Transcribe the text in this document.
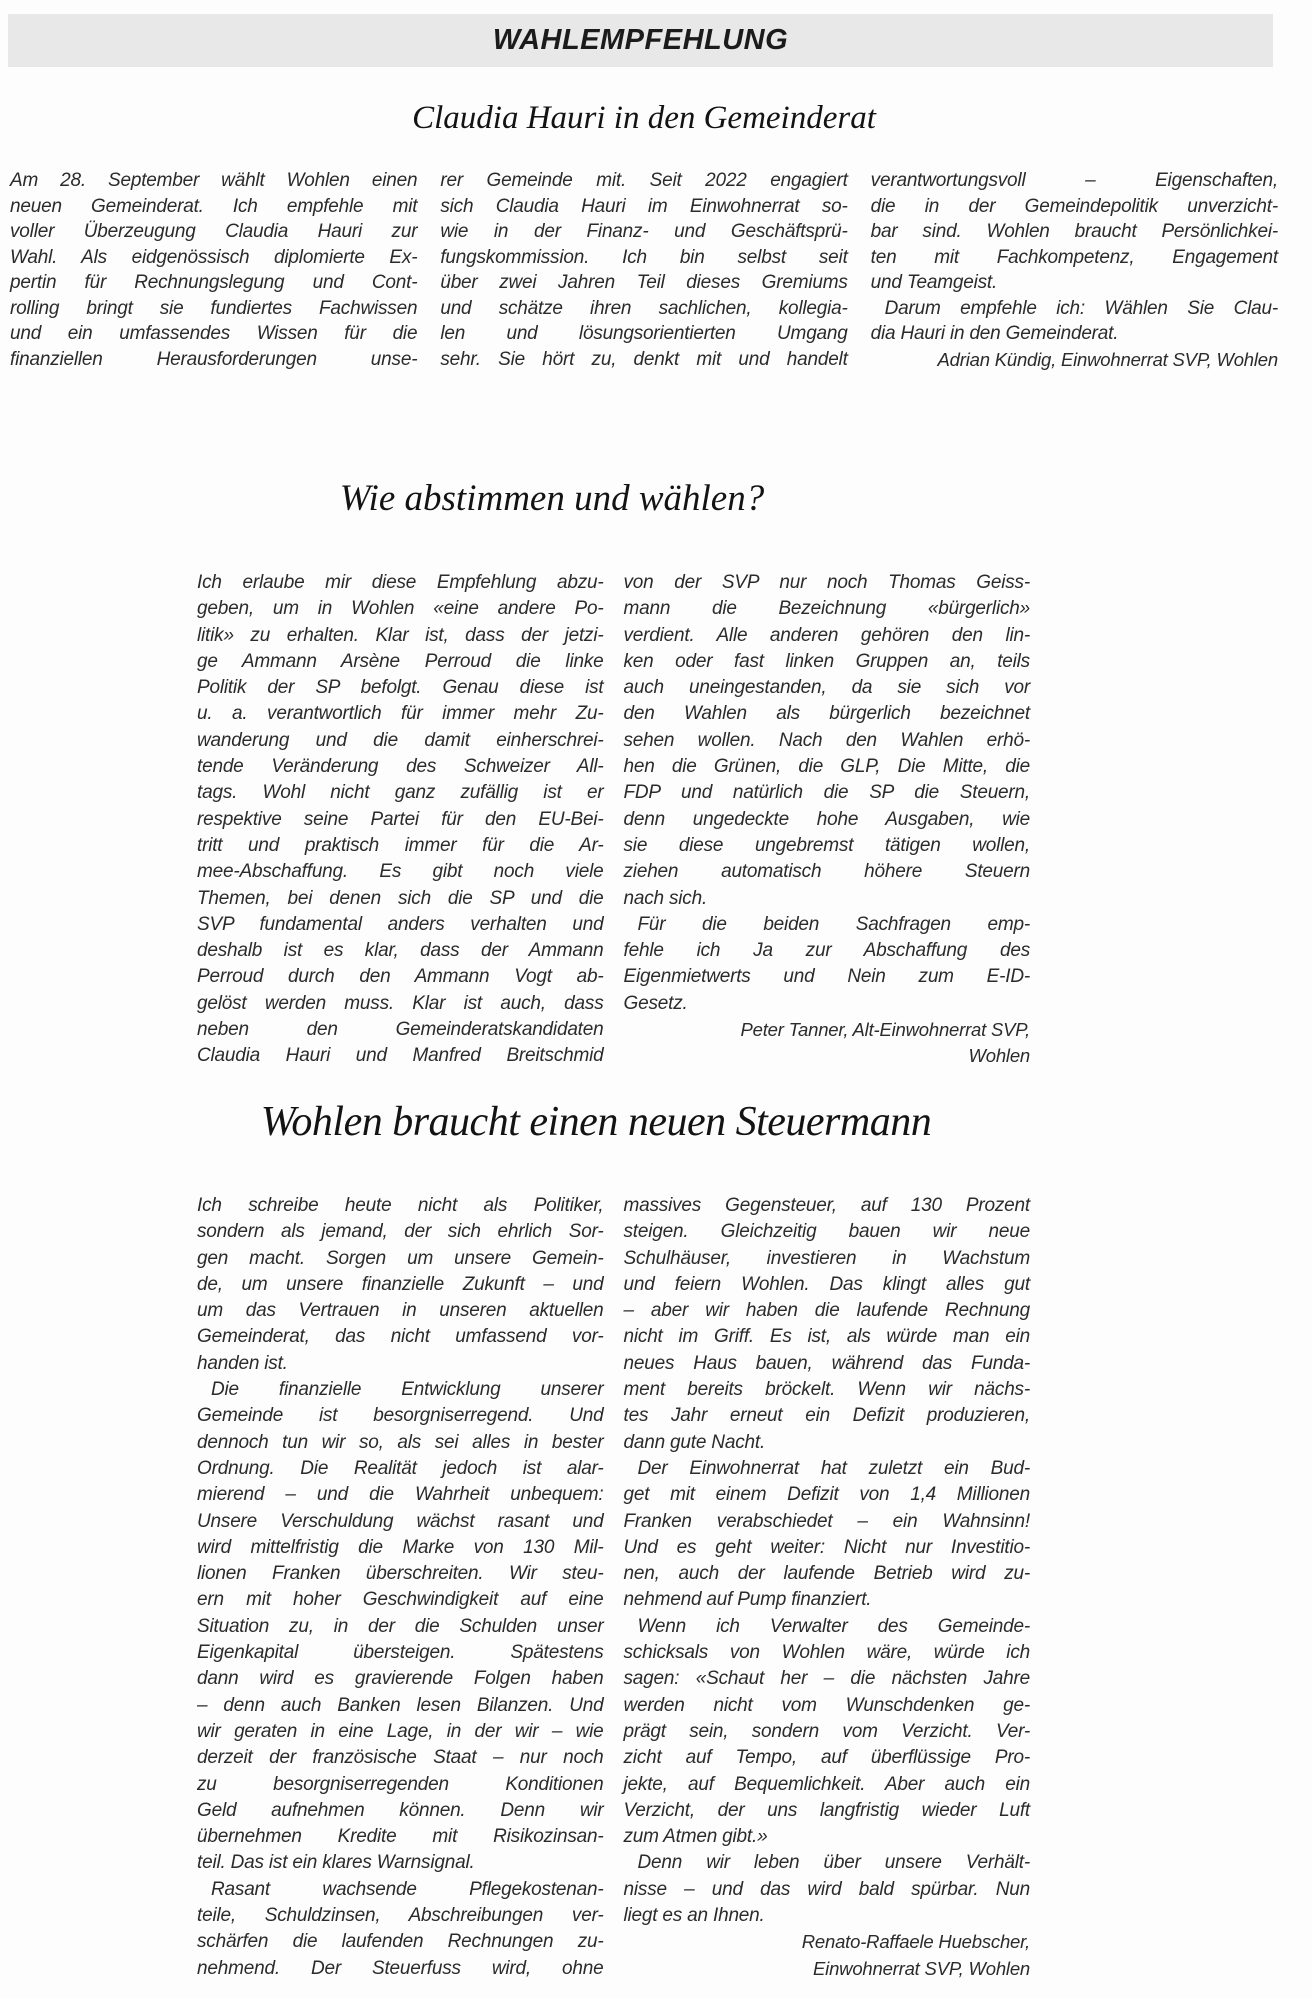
WAHLEMPFEHLUNG
Claudia Hauri in den Gemeinderat
Am 28. September wählt Wohlen einen
neuen Gemeinderat. Ich empfehle mit
voller Überzeugung Claudia Hauri zur
Wahl. Als eidgenössisch diplomierte Ex-
pertin für Rechnungslegung und Cont-
rolling bringt sie fundiertes Fachwissen
und ein umfassendes Wissen für die
finanziellen Herausforderungen unse-
rer Gemeinde mit. Seit 2022 engagiert
sich Claudia Hauri im Einwohnerrat so-
wie in der Finanz- und Geschäftsprü-
fungskommission. Ich bin selbst seit
über zwei Jahren Teil dieses Gremiums
und schätze ihren sachlichen, kollegia-
len und lösungsorientierten Umgang
sehr. Sie hört zu, denkt mit und handelt
verantwortungsvoll – Eigenschaften,
die in der Gemeindepolitik unverzicht-
bar sind. Wohlen braucht Persönlichkei-
ten mit Fachkompetenz, Engagement
und Teamgeist.
Darum empfehle ich: Wählen Sie Clau-
dia Hauri in den Gemeinderat.
Adrian Kündig, Einwohnerrat SVP, Wohlen
Wie abstimmen und wählen?
Ich erlaube mir diese Empfehlung abzu-
geben, um in Wohlen «eine andere Po-
litik» zu erhalten. Klar ist, dass der jetzi-
ge Ammann Arsène Perroud die linke
Politik der SP befolgt. Genau diese ist
u. a. verantwortlich für immer mehr Zu-
wanderung und die damit einherschrei-
tende Veränderung des Schweizer All-
tags. Wohl nicht ganz zufällig ist er
respektive seine Partei für den EU-Bei-
tritt und praktisch immer für die Ar-
mee-Abschaffung. Es gibt noch viele
Themen, bei denen sich die SP und die
SVP fundamental anders verhalten und
deshalb ist es klar, dass der Ammann
Perroud durch den Ammann Vogt ab-
gelöst werden muss. Klar ist auch, dass
neben den Gemeinderatskandidaten
Claudia Hauri und Manfred Breitschmid
von der SVP nur noch Thomas Geiss-
mann die Bezeichnung «bürgerlich»
verdient. Alle anderen gehören den lin-
ken oder fast linken Gruppen an, teils
auch uneingestanden, da sie sich vor
den Wahlen als bürgerlich bezeichnet
sehen wollen. Nach den Wahlen erhö-
hen die Grünen, die GLP, Die Mitte, die
FDP und natürlich die SP die Steuern,
denn ungedeckte hohe Ausgaben, wie
sie diese ungebremst tätigen wollen,
ziehen automatisch höhere Steuern
nach sich.
Für die beiden Sachfragen emp-
fehle ich Ja zur Abschaffung des
Eigenmietwerts und Nein zum E-ID-
Gesetz.
Peter Tanner, Alt-Einwohnerrat SVP,
Wohlen
Wohlen braucht einen neuen Steuermann
Ich schreibe heute nicht als Politiker,
sondern als jemand, der sich ehrlich Sor-
gen macht. Sorgen um unsere Gemein-
de, um unsere finanzielle Zukunft – und
um das Vertrauen in unseren aktuellen
Gemeinderat, das nicht umfassend vor-
handen ist.
Die finanzielle Entwicklung unserer
Gemeinde ist besorgniserregend. Und
dennoch tun wir so, als sei alles in bester
Ordnung. Die Realität jedoch ist alar-
mierend – und die Wahrheit unbequem:
Unsere Verschuldung wächst rasant und
wird mittelfristig die Marke von 130 Mil-
lionen Franken überschreiten. Wir steu-
ern mit hoher Geschwindigkeit auf eine
Situation zu, in der die Schulden unser
Eigenkapital übersteigen. Spätestens
dann wird es gravierende Folgen haben
– denn auch Banken lesen Bilanzen. Und
wir geraten in eine Lage, in der wir – wie
derzeit der französische Staat – nur noch
zu besorgniserregenden Konditionen
Geld aufnehmen können. Denn wir
übernehmen Kredite mit Risikozinsan-
teil. Das ist ein klares Warnsignal.
Rasant wachsende Pflegekostenan-
teile, Schuldzinsen, Abschreibungen ver-
schärfen die laufenden Rechnungen zu-
nehmend. Der Steuerfuss wird, ohne
massives Gegensteuer, auf 130 Prozent
steigen. Gleichzeitig bauen wir neue
Schulhäuser, investieren in Wachstum
und feiern Wohlen. Das klingt alles gut
– aber wir haben die laufende Rechnung
nicht im Griff. Es ist, als würde man ein
neues Haus bauen, während das Funda-
ment bereits bröckelt. Wenn wir nächs-
tes Jahr erneut ein Defizit produzieren,
dann gute Nacht.
Der Einwohnerrat hat zuletzt ein Bud-
get mit einem Defizit von 1,4 Millionen
Franken verabschiedet – ein Wahnsinn!
Und es geht weiter: Nicht nur Investitio-
nen, auch der laufende Betrieb wird zu-
nehmend auf Pump finanziert.
Wenn ich Verwalter des Gemeinde-
schicksals von Wohlen wäre, würde ich
sagen: «Schaut her – die nächsten Jahre
werden nicht vom Wunschdenken ge-
prägt sein, sondern vom Verzicht. Ver-
zicht auf Tempo, auf überflüssige Pro-
jekte, auf Bequemlichkeit. Aber auch ein
Verzicht, der uns langfristig wieder Luft
zum Atmen gibt.»
Denn wir leben über unsere Verhält-
nisse – und das wird bald spürbar. Nun
liegt es an Ihnen.
Renato-Raffaele Huebscher,
Einwohnerrat SVP, Wohlen
